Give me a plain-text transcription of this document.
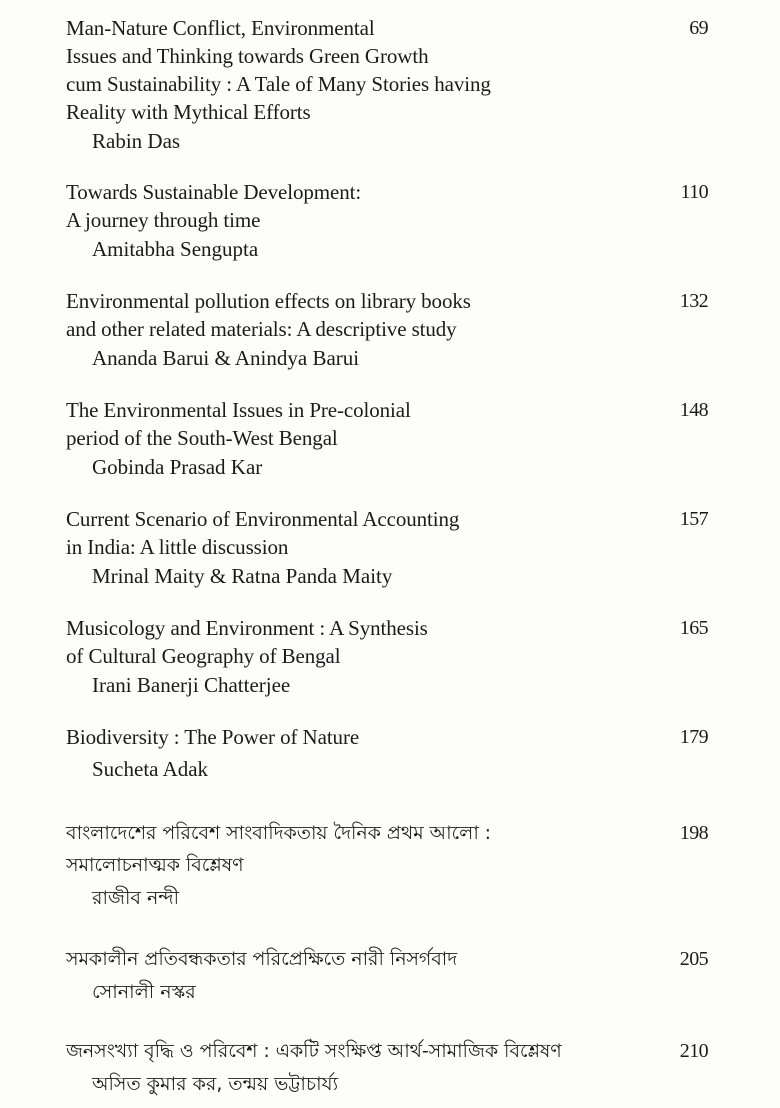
Man-Nature Conflict, Environmental
Issues and Thinking towards Green Growth
cum Sustainability : A Tale of Many Stories having
Reality with Mythical Efforts
Rabin Das
69
Towards Sustainable Development:
A journey through time
Amitabha Sengupta
110
Environmental pollution effects on library books
and other related materials: A descriptive study
Ananda Barui & Anindya Barui
132
The Environmental Issues in Pre-colonial
period of the South-West Bengal
Gobinda Prasad Kar
148
Current Scenario of Environmental Accounting
in India: A little discussion
Mrinal Maity & Ratna Panda Maity
157
Musicology and Environment : A Synthesis
of Cultural Geography of Bengal
Irani Banerji Chatterjee
165
Biodiversity : The Power of Nature
Sucheta Adak
179
বাংলাদেশের পরিবেশ সাংবাদিকতায় দৈনিক প্রথম আলো :
সমালোচনাত্মক বিশ্লেষণ
রাজীব নন্দী
198
সমকালীন প্রতিবন্ধকতার পরিপ্রেক্ষিতে নারী নিসর্গবাদ
সোনালী নস্কর
205
জনসংখ্যা বৃদ্ধি ও পরিবেশ : একটি সংক্ষিপ্ত আর্থ-সামাজিক বিশ্লেষণ
অসিত কুমার কর, তন্ময় ভট্টাচার্য্য
210
